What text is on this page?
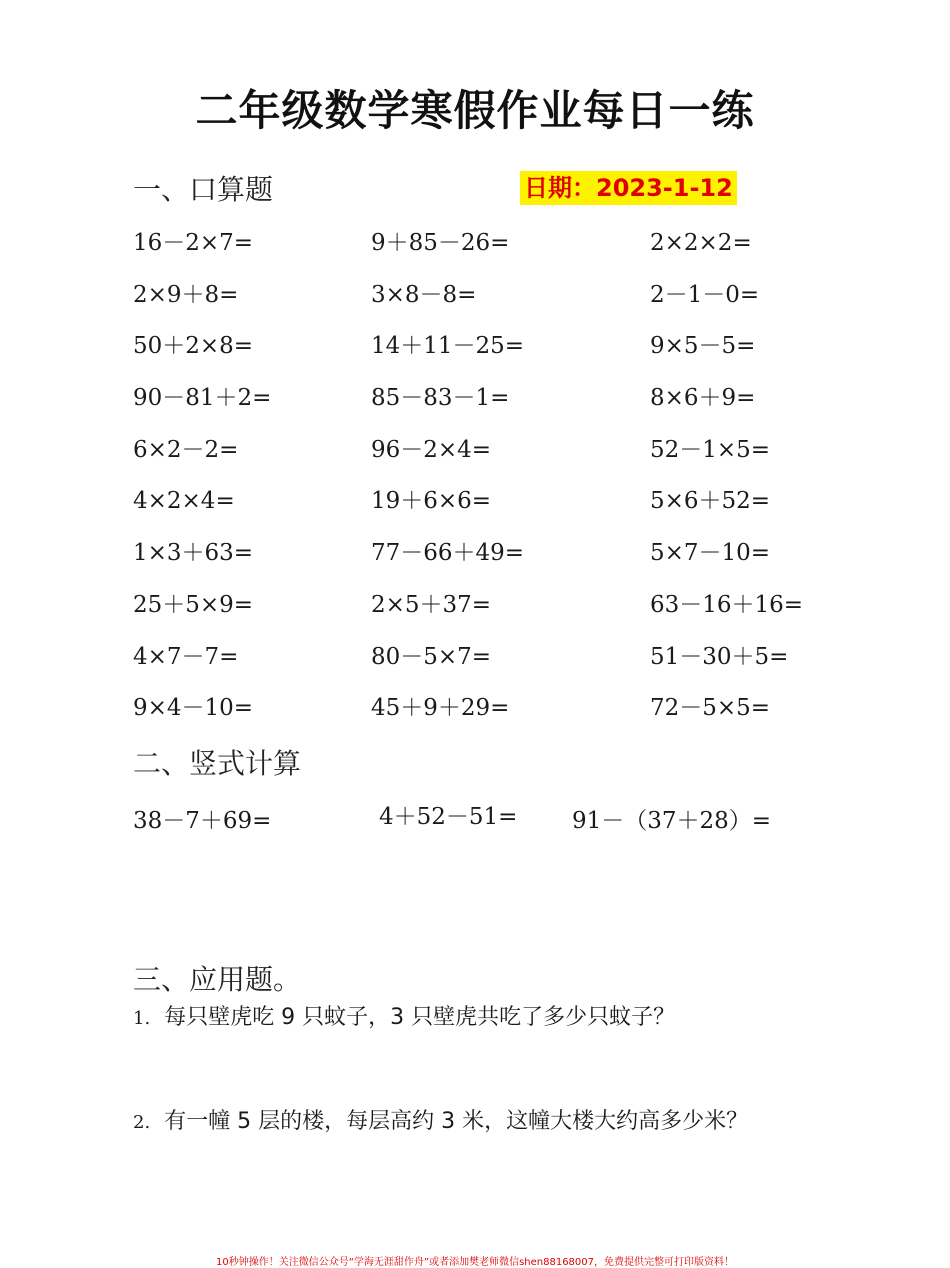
二年级数学寒假作业每日一练
一、口算题	日期：2023-1-12
16－2×7=	9＋85－26=	2×2×2=
2×9＋8=	3×8－8=	2－1－0=
50＋2×8=	14＋11－25=	9×5－5=
90－81＋2=	85－83－1=	8×6＋9=
6×2－2=	96－2×4=	52－1×5=
4×2×4=	19＋6×6=	5×6＋52=
1×3＋63=	77－66＋49=	5×7－10=
25＋5×9=	2×5＋37=	63－16＋16=
4×7－7=	80－5×7=	51－30＋5=
9×4－10=	45＋9＋29=	72－5×5=
二、竖式计算
38－7＋69=	4＋52－51= 91－（37＋28）=
三、应用题。
1. 每只壁虎吃 9 只蚊子，3 只壁虎共吃了多少只蚊子？
2. 有一幢 5 层的楼，每层高约 3 米，这幢大楼大约高多少米？
10秒钟操作！关注微信公众号“学海无涯甜作舟”或者添加樊老师微信shen88168007，免费提供完整可打印版资料！
